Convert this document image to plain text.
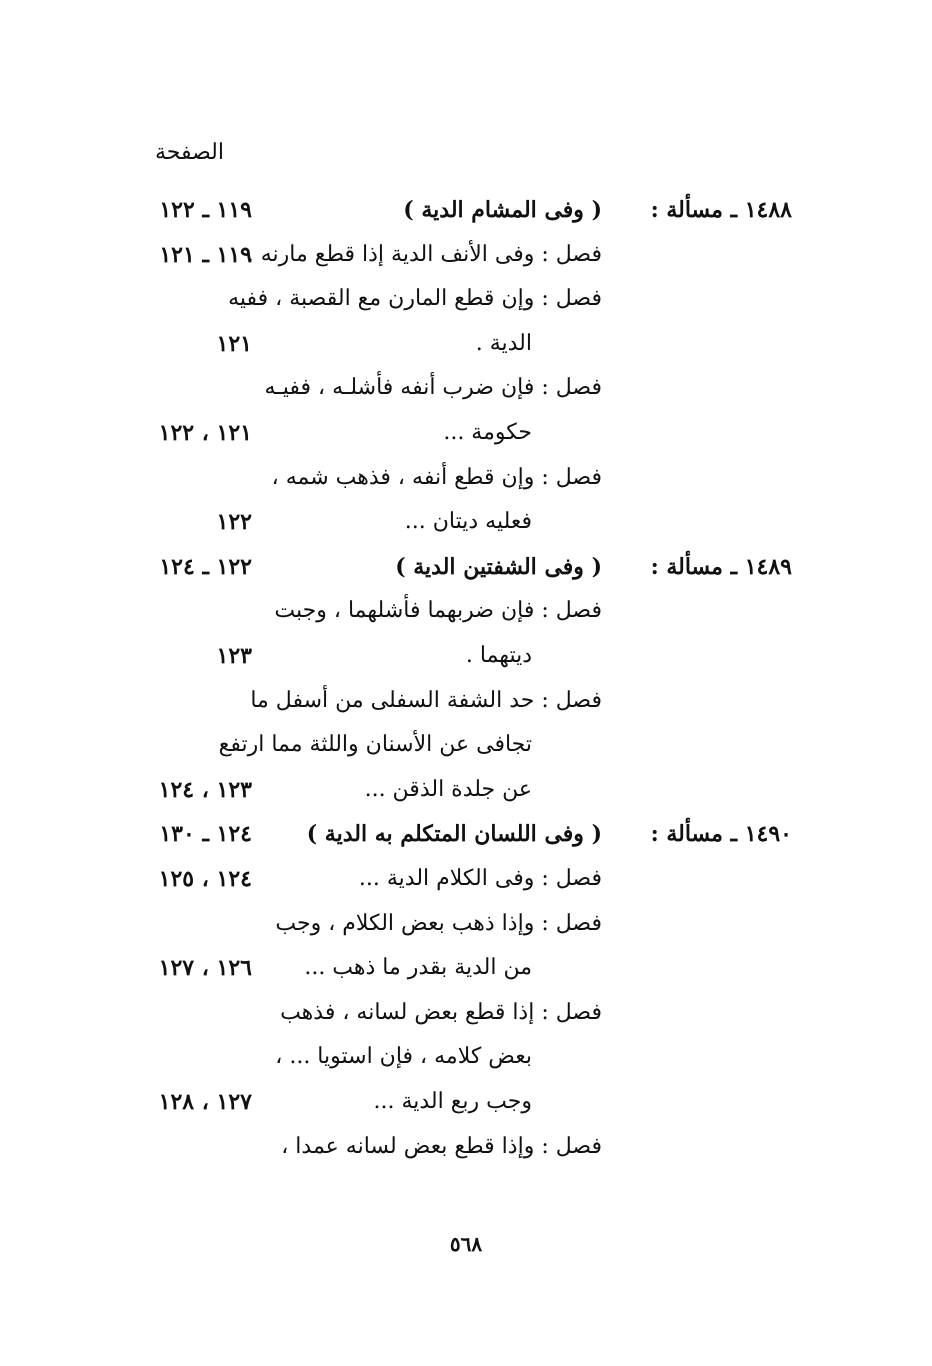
الصفحة
١٤٨٨ ـ مسألة :
( وفى المشام الدية )
١١٩ ـ ١٢٢
فصل : وفى الأنف الدية إذا قطع مارنه .
١١٩ ـ ١٢١
فصل : وإن قطع المارن مع القصبة ، ففيه
الدية .
١٢١
فصل : فإن ضرب أنفه فأشلـه ، ففيـه
حكومة ...
١٢١ ، ١٢٢
فصل : وإن قطع أنفه ، فذهب شمه ،
فعليه ديتان ...
١٢٢
١٤٨٩ ـ مسألة :
( وفى الشفتين الدية )
١٢٢ ـ ١٢٤
فصل : فإن ضربهما فأشلهما ، وجبت
ديتهما .
١٢٣
فصل : حد الشفة السفلى من أسفل ما
تجافى عن الأسنان واللثة مما ارتفع
عن جلدة الذقن ...
١٢٣ ، ١٢٤
١٤٩٠ ـ مسألة :
( وفى اللسان المتكلم به الدية )
١٢٤ ـ ١٣٠
فصل : وفى الكلام الدية ...
١٢٤ ، ١٢٥
فصل : وإذا ذهب بعض الكلام ، وجب
من الدية بقدر ما ذهب ...
١٢٦ ، ١٢٧
فصل : إذا قطع بعض لسانه ، فذهب
بعض كلامه ، فإن استويا ... ،
وجب ربع الدية ...
١٢٧ ، ١٢٨
فصل : وإذا قطع بعض لسانه عمدا ،
٥٦٨
